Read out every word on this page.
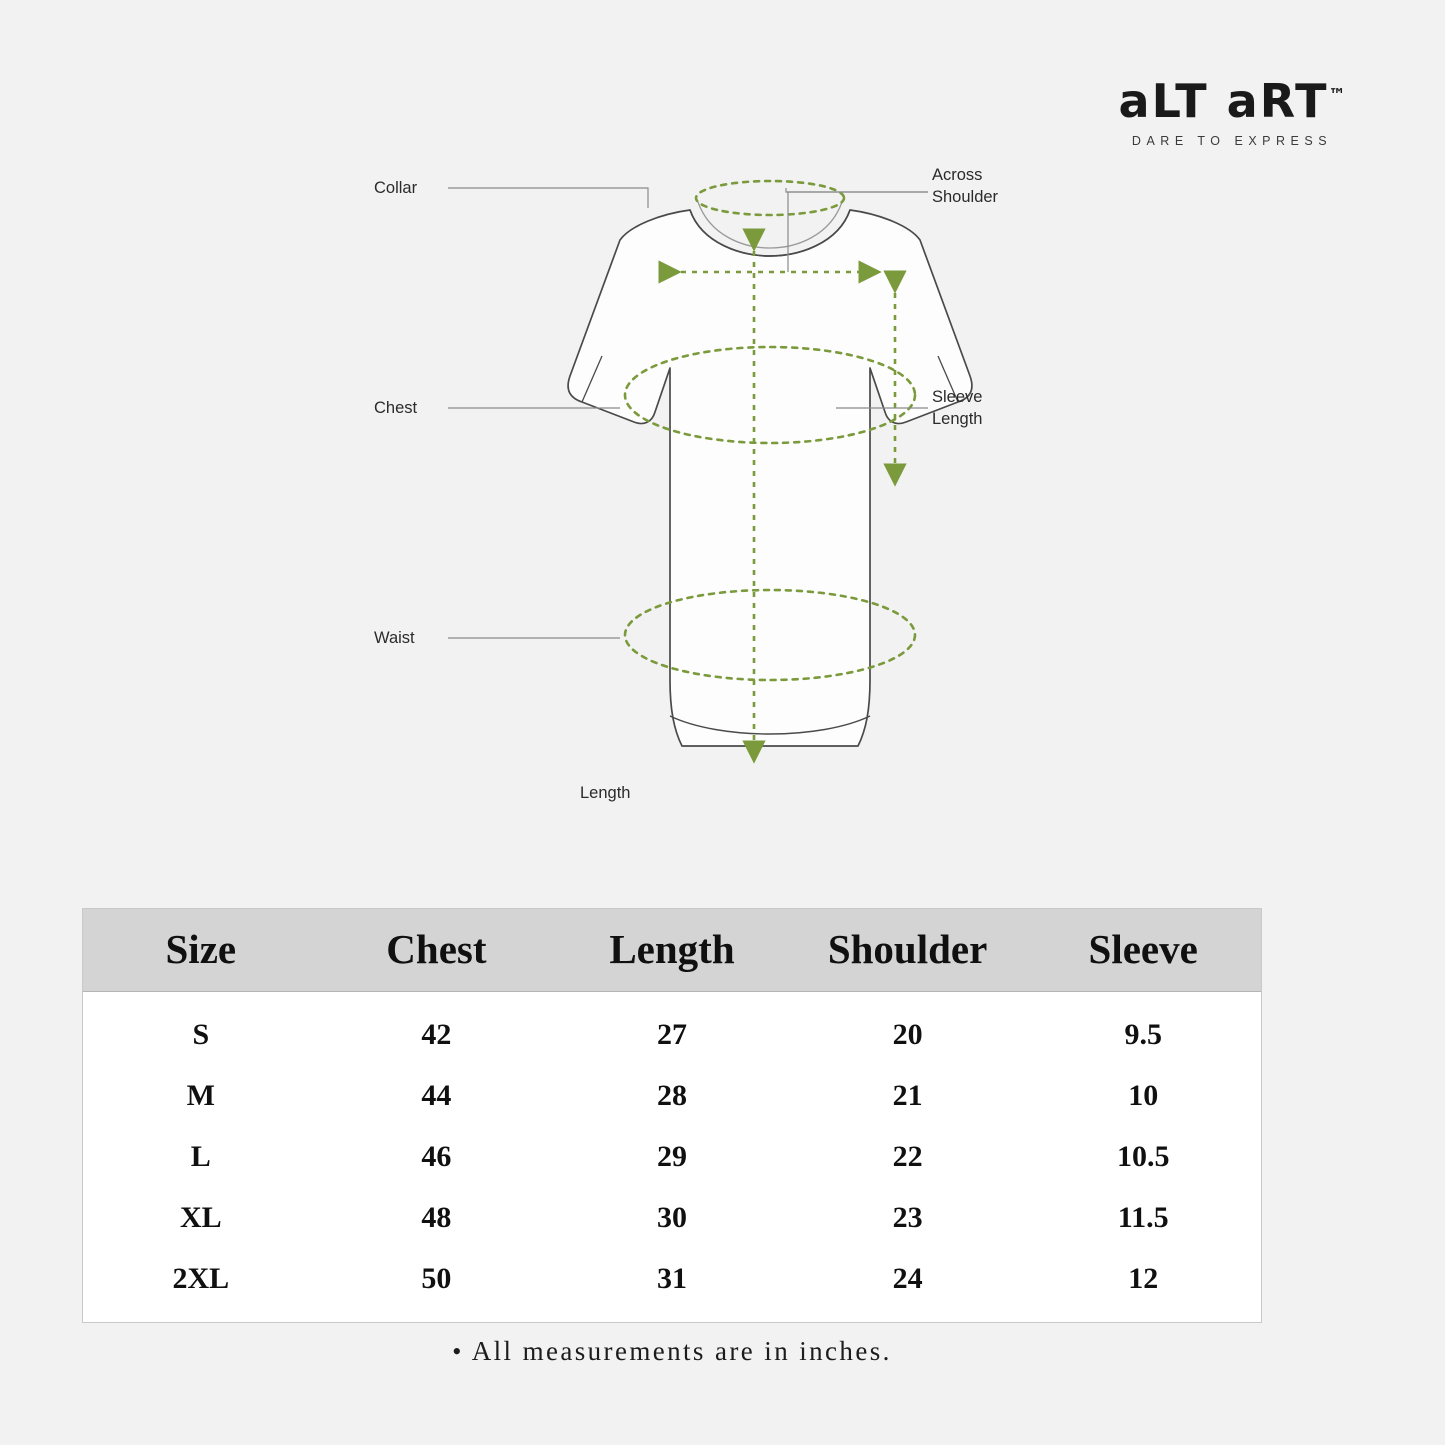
aLT aRT™
DARE TO EXPRESS
Collar
Across
Shoulder
Chest
Sleeve
Length
Waist
Length
Size	Chest	Length	Shoulder	Sleeve
S	42	27	20	9.5
M	44	28	21	10
L	46	29	22	10.5
XL	48	30	23	11.5
2XL	50	31	24	12
• All measurements are in inches.
